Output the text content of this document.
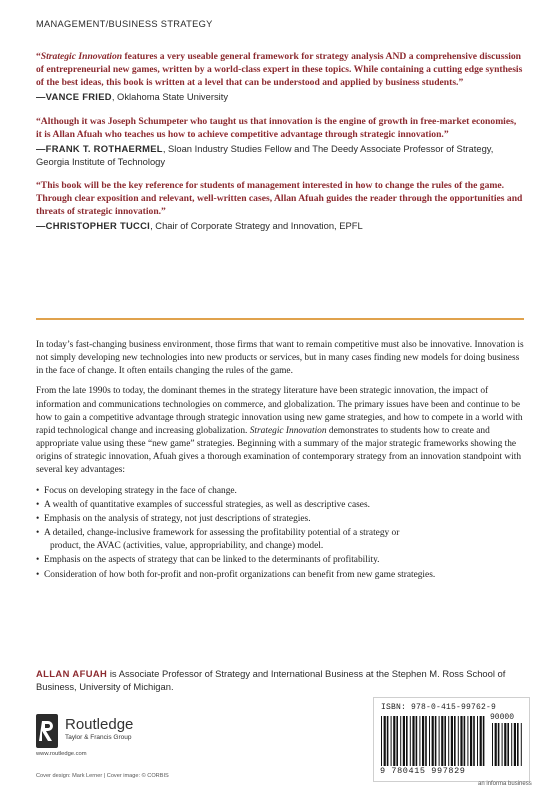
MANAGEMENT/BUSINESS STRATEGY
“Strategic Innovation features a very useable general framework for strategy analysis AND a comprehensive discussion of entrepreneurial new games, written by a world-class expert in these topics. While containing a cutting edge synthesis of the best ideas, this book is written at a level that can be understood and applied by business students.”
—VANCE FRIED, Oklahoma State University
“Although it was Joseph Schumpeter who taught us that innovation is the engine of growth in free-market economies, it is Allan Afuah who teaches us how to achieve competitive advantage through strategic innovation.”
—FRANK T. ROTHAERMEL, Sloan Industry Studies Fellow and The Deedy Associate Professor of Strategy, Georgia Institute of Technology
“This book will be the key reference for students of management interested in how to change the rules of the game. Through clear exposition and relevant, well-written cases, Allan Afuah guides the reader through the opportunities and threats of strategic innovation.”
—CHRISTOPHER TUCCI, Chair of Corporate Strategy and Innovation, EPFL

In today’s fast-changing business environment, those firms that want to remain competitive must also be innovative. Innovation is not simply developing new technologies into new products or services, but in many cases finding new models for doing business in the face of change. It often entails changing the rules of the game.

From the late 1990s to today, the dominant themes in the strategy literature have been strategic innovation, the impact of information and communications technologies on commerce, and globalization. The primary issues have been and continue to be how to gain a competitive advantage through strategic innovation using new game strategies, and how to compete in a world with rapid technological change and increasing globalization. Strategic Innovation demonstrates to students how to create and appropriate value using these “new game” strategies. Beginning with a summary of the major strategic frameworks showing the origins of strategic innovation, Afuah gives a thorough examination of contemporary strategy from an innovation standpoint with several key advantages:

• Focus on developing strategy in the face of change.
• A wealth of quantitative examples of successful strategies, as well as descriptive cases.
• Emphasis on the analysis of strategy, not just descriptions of strategies.
• A detailed, change-inclusive framework for assessing the profitability potential of a strategy or
product, the AVAC (activities, value, appropriability, and change) model.
• Emphasis on the aspects of strategy that can be linked to the determinants of profitability.
• Consideration of how both for-profit and non-profit organizations can benefit from new game strategies.
ALLAN AFUAH is Associate Professor of Strategy and International Business at the Stephen M. Ross School of Business, University of Michigan.
Routledge
Taylor & Francis Group
www.routledge.com
Cover design: Mark Lerner | Cover image: © CORBIS
ISBN: 978-0-415-99762-9
90000
9 780415 997829
an informa business
